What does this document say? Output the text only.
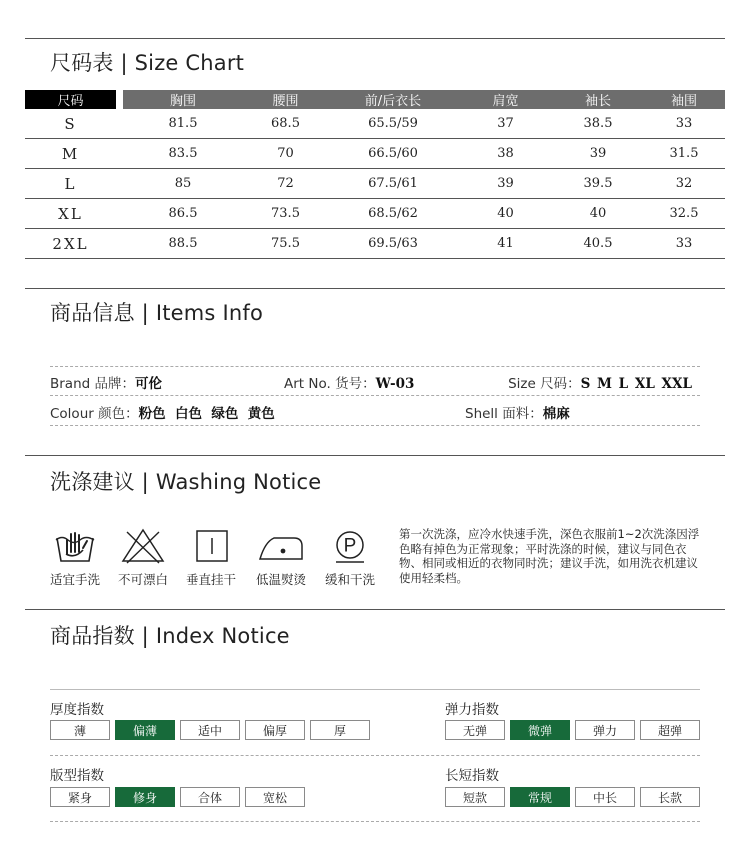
尺码表 | Size Chart
尺码	胸围	腰围	前/后衣长	肩宽	袖长	袖围
S	81.5	68.5	65.5/59	37	38.5	33
M	83.5	70	66.5/60	38	39	31.5
L	85	72	67.5/61	39	39.5	32
XL	86.5	73.5	68.5/62	40	40	32.5
2XL	88.5	75.5	69.5/63	41	40.5	33
商品信息 | Items Info
Brand 品牌：可伦	Art No. 货号：W-03	Size 尺码：S M L XL XXL
Colour 颜色：粉色  白色  绿色  黄色	Shell 面料：棉麻
洗涤建议 | Washing Notice
适宜手洗 不可漂白 垂直挂干 低温熨烫
P
缓和干洗
第一次洗涤，应冷水快速手洗，深色衣服前1~2次洗涤因浮色略有掉色为正常现象；平时洗涤的时候，建议与同色衣物、相同或相近的衣物同时洗；建议手洗，如用洗衣机建议使用轻柔档。
商品指数 | Index Notice
厚度指数
薄	偏薄	适中	偏厚	厚
弹力指数
无弹	微弹	弹力	超弹
版型指数
紧身	修身	合体	宽松
长短指数
短款	常规	中长	长款
